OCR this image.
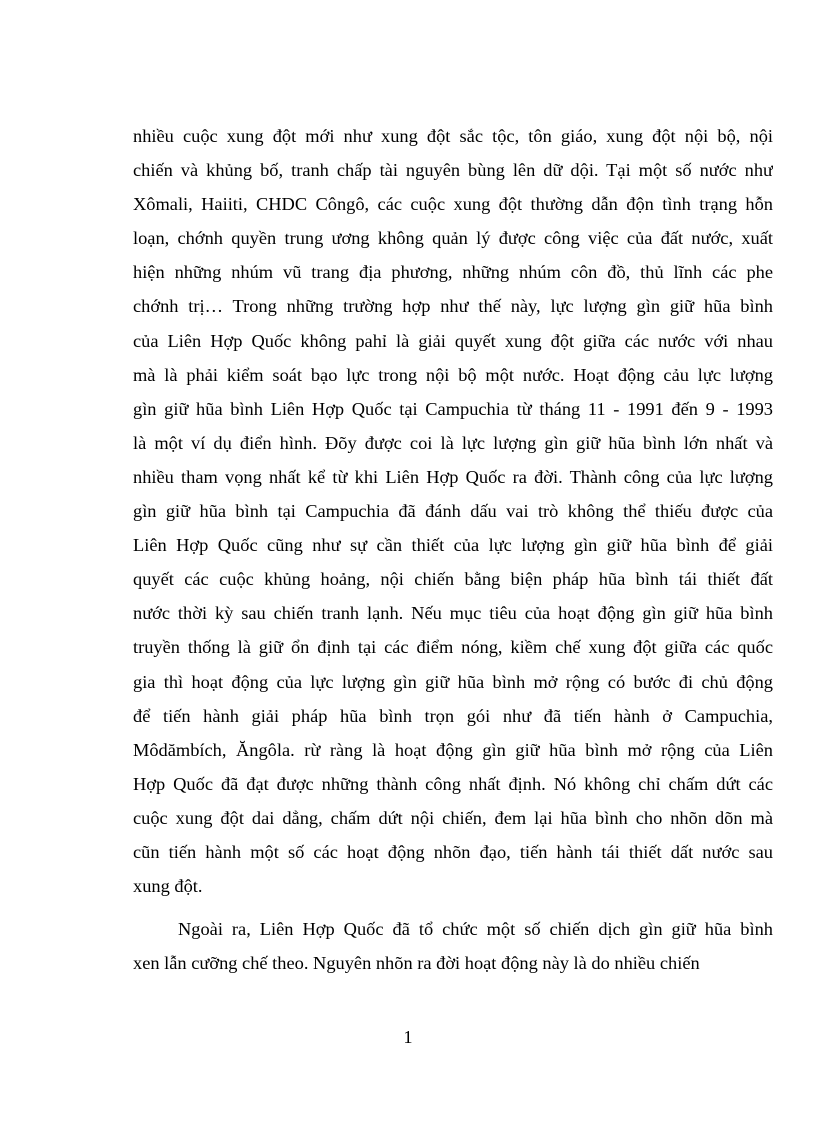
nhiều cuộc xung đột mới như xung đột sắc tộc, tôn giáo, xung đột nội bộ, nội
chiến và khủng bố, tranh chấp tài nguyên bùng lên dữ dội. Tại một số nước như
Xômali, Haiiti, CHDC Côngô, các cuộc xung đột thường dẫn độn tình trạng hỗn
loạn, chớnh quyền trung ương không quản lý được công việc của đất nước, xuất
hiện những nhúm vũ trang địa phương, những nhúm côn đồ, thủ lĩnh các phe
chớnh trị… Trong những trường hợp như thế này, lực lượng gìn giữ hũa bình
của Liên Hợp Quốc không pahỉ là giải quyết xung đột giữa các nước với nhau
mà là phải kiểm soát bạo lực trong nội bộ một nước. Hoạt động cảu lực lượng
gìn giữ hũa bình Liên Hợp Quốc tại Campuchia từ tháng 11 - 1991 đến 9 - 1993
là một ví dụ điển hình. Đõy được coi là lực lượng gìn giữ hũa bình lớn nhất và
nhiều tham vọng nhất kể từ khi Liên Hợp Quốc ra đời. Thành công của lực lượng
gìn giữ hũa bình tại Campuchia đã đánh dấu vai trò không thể thiếu được của
Liên Hợp Quốc cũng như sự cần thiết của lực lượng gìn giữ hũa bình để giải
quyết các cuộc khủng hoảng, nội chiến bằng biện pháp hũa bình tái thiết đất
nước thời kỳ sau chiến tranh lạnh. Nếu mục tiêu của hoạt động gìn giữ hũa bình
truyền thống là giữ ổn định tại các điểm nóng, kiềm chế xung đột giữa các quốc
gia thì hoạt động của lực lượng gìn giữ hũa bình mở rộng có bước đi chủ động
để tiến hành giải pháp hũa bình trọn gói như đã tiến hành ở Campuchia,
Môdămbích, Ăngôla. rừ ràng là hoạt động gìn giữ hũa bình mở rộng của Liên
Hợp Quốc đã đạt được những thành công nhất định. Nó không chỉ chấm dứt các
cuộc xung đột dai dẳng, chấm dứt nội chiến, đem lại hũa bình cho nhõn dõn mà
cũn tiến hành một số các hoạt động nhõn đạo, tiến hành tái thiết dất nước sau
xung đột.
Ngoài ra, Liên Hợp Quốc đã tổ chức một số chiến dịch gìn giữ hũa bình
xen lẫn cưỡng chế theo. Nguyên nhõn ra đời hoạt động này là do nhiều chiến
1
